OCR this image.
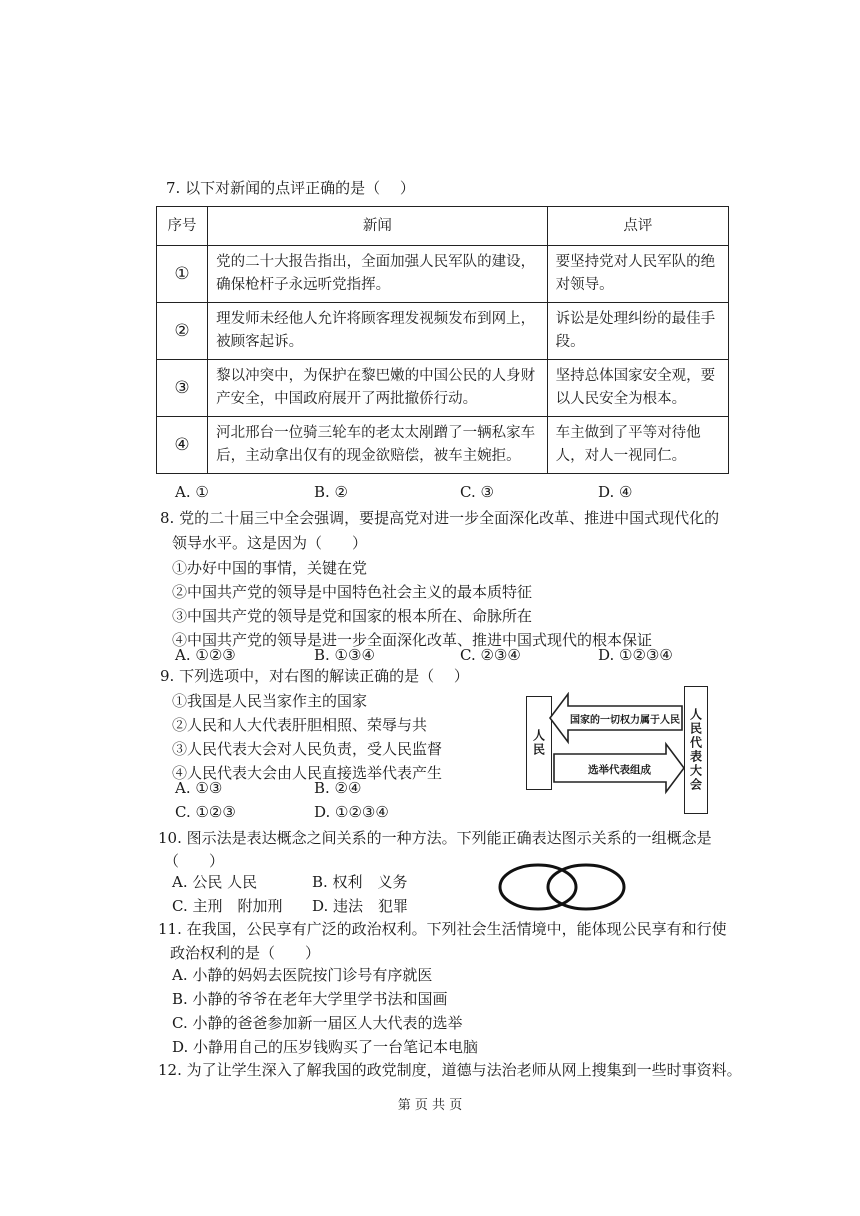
7. 以下对新闻的点评正确的是（　 ）
序号	新闻	点评
①	党的二十大报告指出，全面加强人民军队的建设，确保枪杆子永远听党指挥。	要坚持党对人民军队的绝对领导。
②	理发师未经他人允许将顾客理发视频发布到网上，被顾客起诉。	诉讼是处理纠纷的最佳手段。
③	黎以冲突中，为保护在黎巴嫩的中国公民的人身财产安全，中国政府展开了两批撤侨行动。	坚持总体国家安全观，要以人民安全为根本。
④	河北邢台一位骑三轮车的老太太剐蹭了一辆私家车后，主动拿出仅有的现金欲赔偿，被车主婉拒。	车主做到了平等对待他人，对人一视同仁。
A. ①	B. ②	C. ③	D. ④
8. 党的二十届三中全会强调，要提高党对进一步全面深化改革、推进中国式现代化的
领导水平。这是因为（　　）
①办好中国的事情，关键在党
②中国共产党的领导是中国特色社会主义的最本质特征
③中国共产党的领导是党和国家的根本所在、命脉所在
④中国共产党的领导是进一步全面深化改革、推进中国式现代的根本保证
A. ①②③	B. ①③④	C. ②③④	D. ①②③④
9. 下列选项中，对右图的解读正确的是（　 ）
①我国是人民当家作主的国家
②人民和人大代表肝胆相照、荣辱与共
③人民代表大会对人民负责，受人民监督
④人民代表大会由人民直接选举代表产生
A. ①③	B. ②④
C. ①②③	D. ①②③④
人民	人民代表大会
国家的一切权力属于人民
选举代表组成
10. 图示法是表达概念之间关系的一种方法。下列能正确表达图示关系的一组概念是
（　　）
A. 公民 人民	B. 权利　义务
C. 主刑　附加刑 D. 违法　犯罪
11. 在我国，公民享有广泛的政治权利。下列社会生活情境中，能体现公民享有和行使
政治权利的是（　　）
A. 小静的妈妈去医院按门诊号有序就医
B. 小静的爷爷在老年大学里学书法和国画
C. 小静的爸爸参加新一届区人大代表的选举
D. 小静用自己的压岁钱购买了一台笔记本电脑
12. 为了让学生深入了解我国的政党制度，道德与法治老师从网上搜集到一些时事资料。
第 页 共 页
